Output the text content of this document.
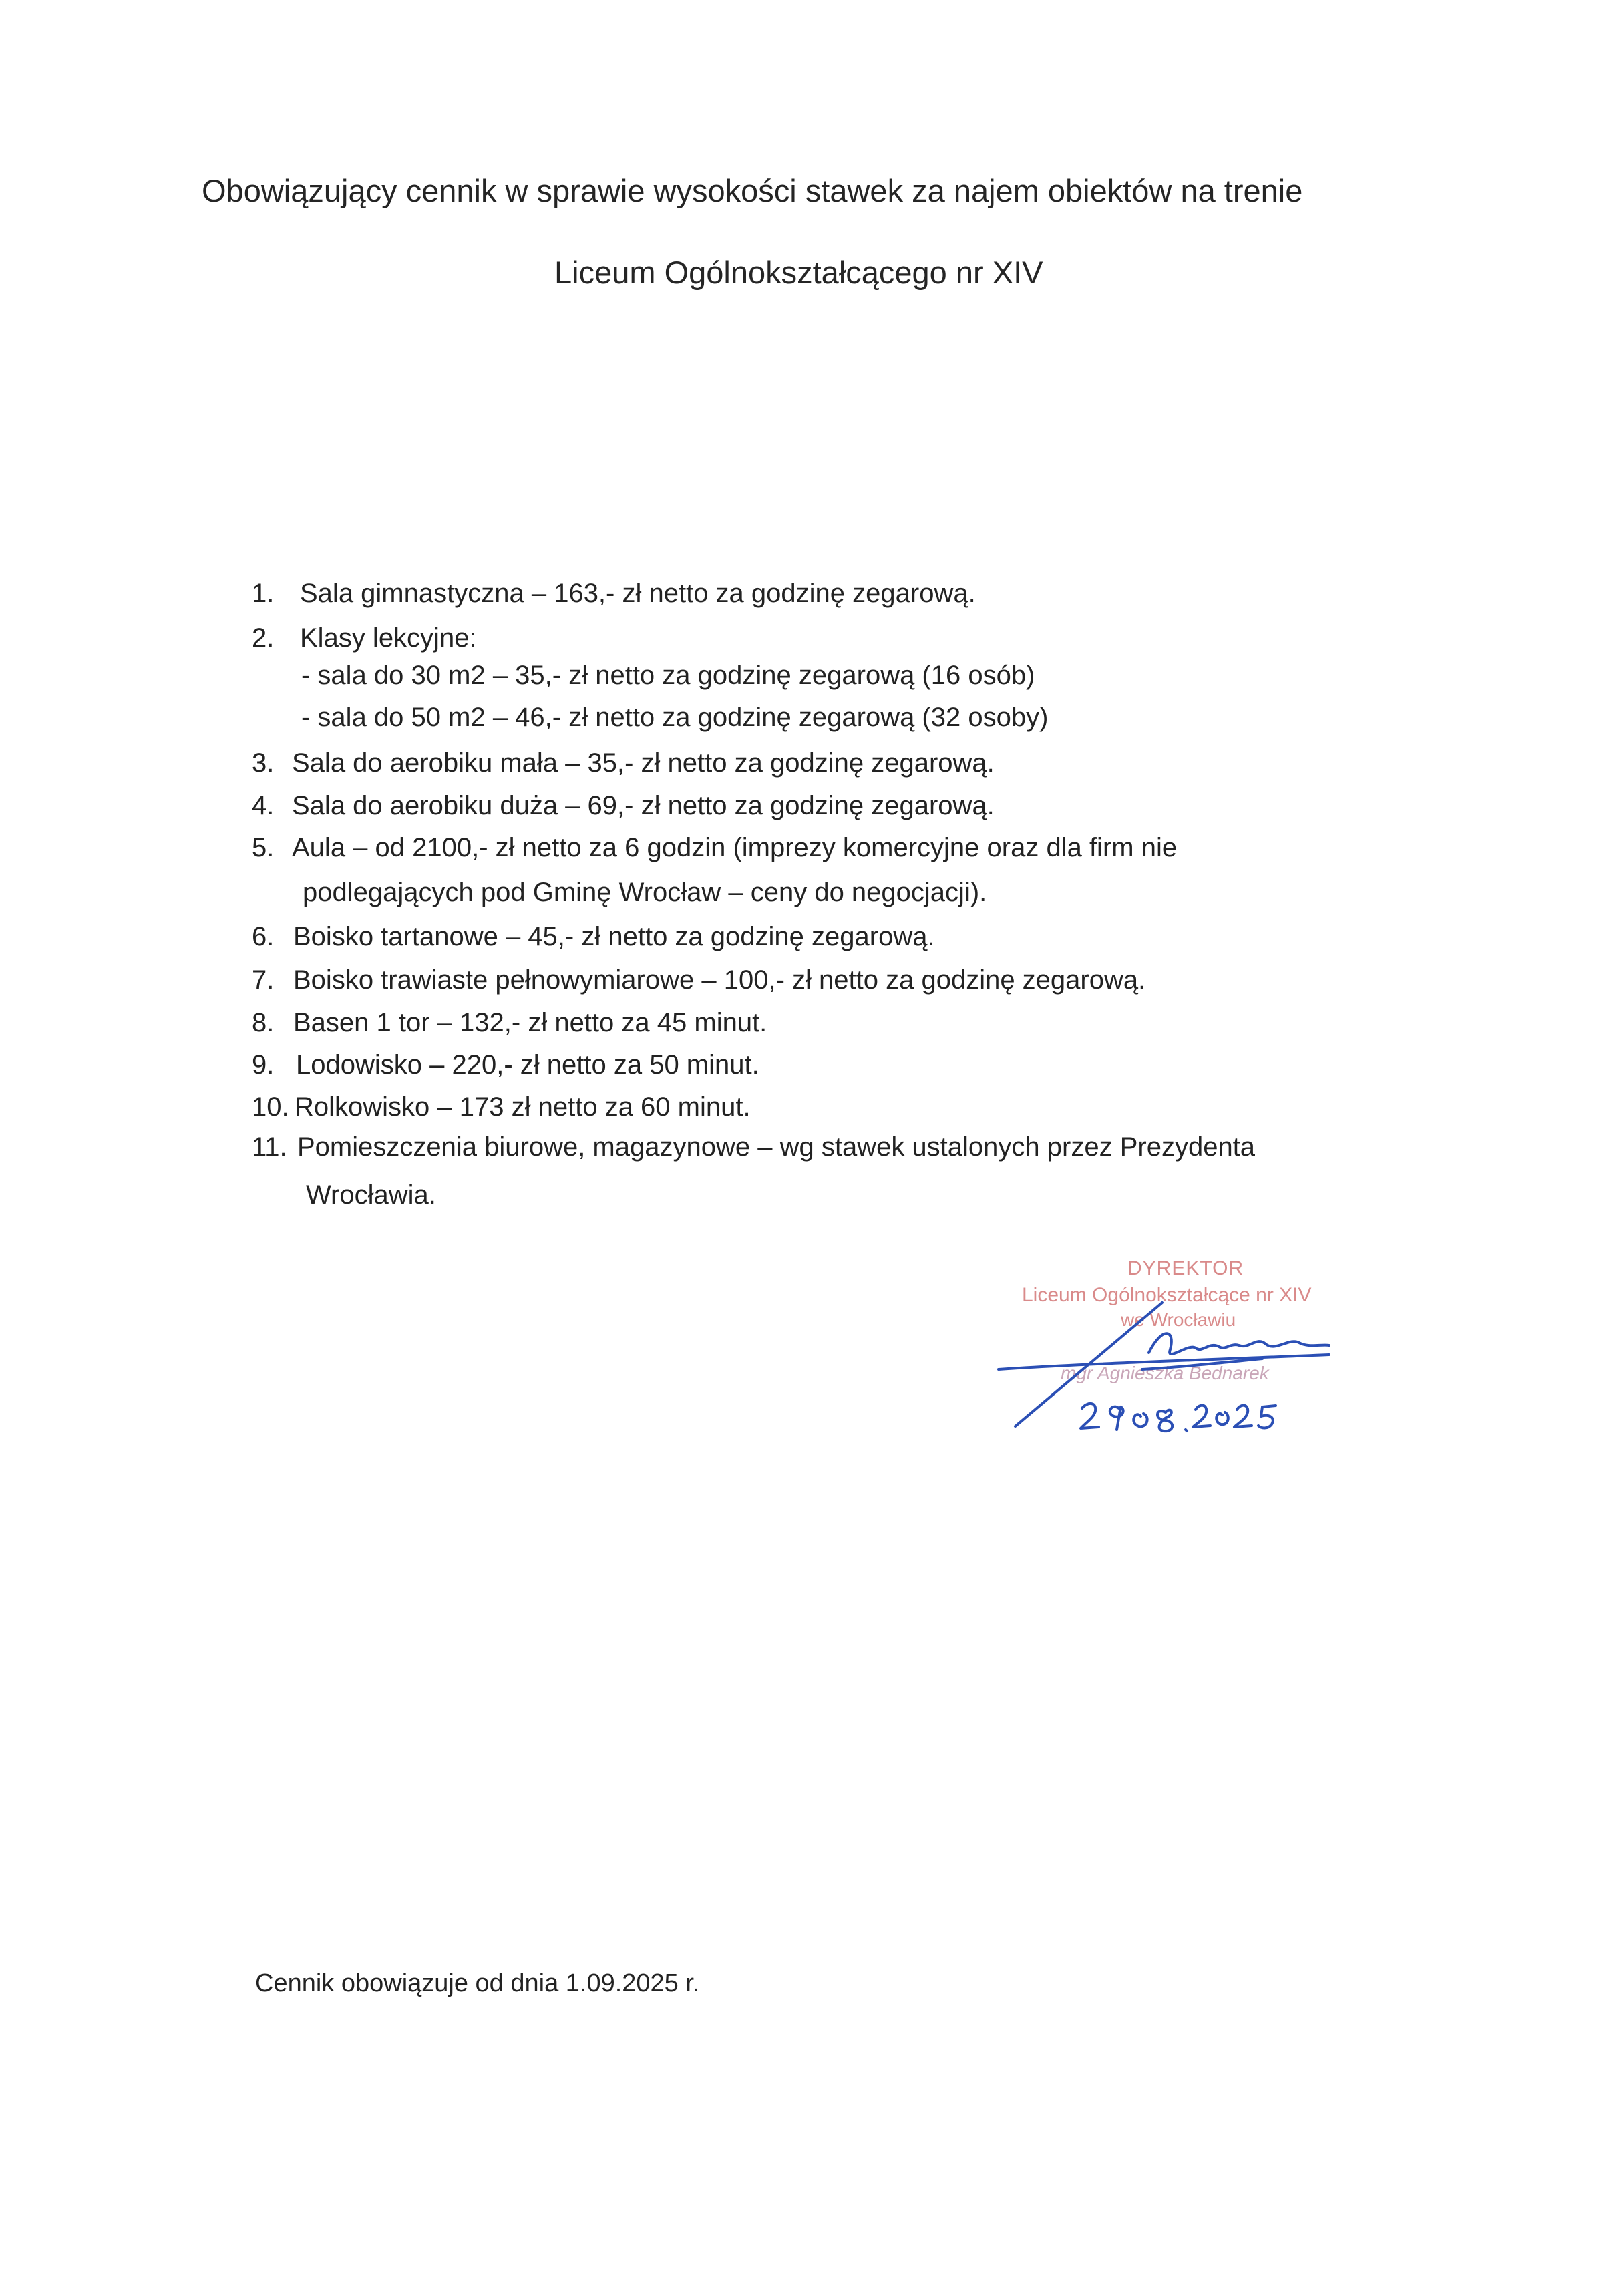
Obowiązujący cennik w sprawie wysokości stawek za najem obiektów na trenie
Liceum Ogólnokształcącego nr XIV
1. Sala gimnastyczna – 163,- zł netto za godzinę zegarową.
2. Klasy lekcyjne:
- sala do 30 m2 – 35,- zł netto za godzinę zegarową (16 osób)
- sala do 50 m2 – 46,- zł netto za godzinę zegarową (32 osoby)
3. Sala do aerobiku mała – 35,- zł netto za godzinę zegarową.
4. Sala do aerobiku duża – 69,- zł netto za godzinę zegarową.
5. Aula – od 2100,- zł netto za 6 godzin (imprezy komercyjne oraz dla firm nie
podlegających pod Gminę Wrocław – ceny do negocjacji).
6. Boisko tartanowe – 45,- zł netto za godzinę zegarową.
7. Boisko trawiaste pełnowymiarowe – 100,- zł netto za godzinę zegarową.
8. Basen 1 tor – 132,- zł netto za 45 minut.
9. Lodowisko – 220,- zł netto za 50 minut.
10. Rolkowisko – 173 zł netto za 60 minut.
11. Pomieszczenia biurowe, magazynowe – wg stawek ustalonych przez Prezydenta
Wrocławia.
DYREKTOR
Liceum Ogólnokształcące nr XIV
we Wrocławiu
mgr Agnieszka Bednarek
Cennik obowiązuje od dnia 1.09.2025 r.
